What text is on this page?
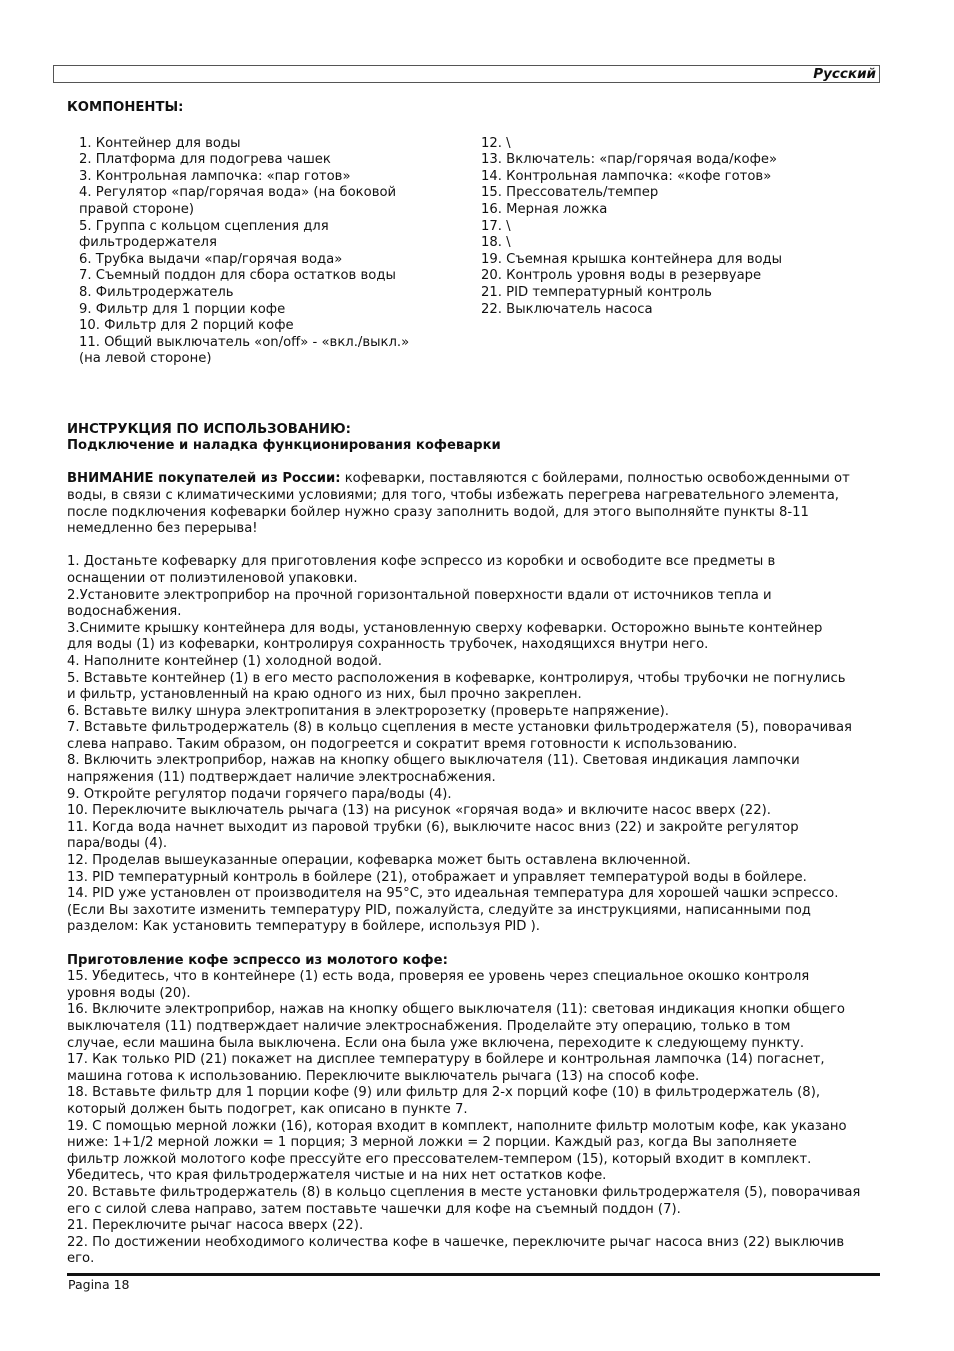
Русский
КОМПОНЕНТЫ:
1. Контейнер для воды
2. Платформа для подогрева чашек
3. Контрольная лампочка: «пар готов»
4. Регулятор «пар/горячая вода» (на боковой
правой стороне)
5. Группа с кольцом сцепления для
фильтродержателя
6. Трубка выдачи «пар/горячая вода»
7. Съемный поддон для сбора остатков воды
8. Фильтродержатель
9. Фильтр для 1 порции кофе
10. Фильтр для 2 порций кофе
11. Общий выключатель «on/off» - «вкл./выкл.»
(на левой стороне)
12. \
13. Включатель: «пар/горячая вода/кофе»
14. Контрольная лампочка: «кофе готов»
15. Прессователь/темпер
16. Мерная ложка
17. \
18. \
19. Съемная крышка контейнера для воды
20. Контроль уровня воды в резервуаре
21. PID температурный контроль
22. Выключатель насоса
ИНСТРУКЦИЯ ПО ИСПОЛЬЗОВАНИЮ:
Подключение и наладка функционирования кофеварки
ВНИМАНИЕ покупателей из России: кофеварки, поставляются с бойлерами, полностью освобожденными от
воды, в связи с климатическими условиями; для того, чтобы избежать перегрева нагревательного элемента,
после подключения кофеварки бойлер нужно сразу заполнить водой, для этого выполняйте пункты 8-11
немедленно без перерыва!
1. Достаньте кофеварку для приготовления кофе эспрессо из коробки и освободите все предметы в
оснащении от полиэтиленовой упаковки.
2.Установите электроприбор на прочной горизонтальной поверхности вдали от источников тепла и
водоснабжения.
3.Снимите крышку контейнера для воды, установленную сверху кофеварки. Осторожно выньте контейнер
для воды (1) из кофеварки, контролируя сохранность трубочек, находящихся внутри него.
4. Наполните контейнер (1) холодной водой.
5. Вставьте контейнер (1) в его место расположения в кофеварке, контролируя, чтобы трубочки не погнулись
и фильтр, установленный на краю одного из них, был прочно закреплен.
6. Вставьте вилку шнура электропитания в электророзетку (проверьте напряжение).
7. Вставьте фильтродержатель (8) в кольцо сцепления в месте установки фильтродержателя (5), поворачивая
слева направо. Таким образом, он подогреется и сократит время готовности к использованию.
8. Включить электроприбор, нажав на кнопку общего выключателя (11). Световая индикация лампочки
напряжения (11) подтверждает наличие электроснабжения.
9. Откройте регулятор подачи горячего пара/воды (4).
10. Переключите выключатель рычага (13) на рисунок «горячая вода» и включите насос вверх (22).
11. Когда вода начнет выходит из паровой трубки (6), выключите насос вниз (22) и закройте регулятор
пара/воды (4).
12. Проделав вышеуказанные операции, кофеварка может быть оставлена включенной.
13. PID температурный контроль в бойлере (21), отображает и управляет температурой воды в бойлере.
14. PID уже установлен от производителя на 95°C, это идеальная температура для хорошей чашки эспрессо.
(Если Вы захотите изменить температуру PID, пожалуйста, следуйте за инструкциями, написанными под
разделом: Как установить температуру в бойлере, используя PID ).
Приготовление кофе эспрессо из молотого кофе:
15. Убедитесь, что в контейнере (1) есть вода, проверяя ее уровень через специальное окошко контроля
уровня воды (20).
16. Включите электроприбор, нажав на кнопку общего выключателя (11): световая индикация кнопки общего
выключателя (11) подтверждает наличие электроснабжения. Проделайте эту операцию, только в том
случае, если машина была выключена. Если она была уже включена, переходите к следующему пункту.
17. Как только PID (21) покажет на дисплее температуру в бойлере и контрольная лампочка (14) погаснет,
машина готова к использованию. Переключите выключатель рычага (13) на способ кофе.
18. Вставьте фильтр для 1 порции кофе (9) или фильтр для 2-х порций кофе (10) в фильтродержатель (8),
который должен быть подогрет, как описано в пункте 7.
19. С помощью мерной ложки (16), которая входит в комплект, наполните фильтр молотым кофе, как указано
ниже: 1+1/2 мерной ложки = 1 порция; 3 мерной ложки = 2 порции. Каждый раз, когда Вы заполняете
фильтр ложкой молотого кофе прессуйте его прессователем-темпером (15), который входит в комплект.
Убедитесь, что края фильтродержателя чистые и на них нет остатков кофе.
20. Вставьте фильтродержатель (8) в кольцо сцепления в месте установки фильтродержателя (5), поворачивая
его с силой слева направо, затем поставьте чашечки для кофе на съемный поддон (7).
21. Переключите рычаг насоса вверх (22).
22. По достижении необходимого количества кофе в чашечке, переключите рычаг насоса вниз (22) выключив
его.
Pagina 18
